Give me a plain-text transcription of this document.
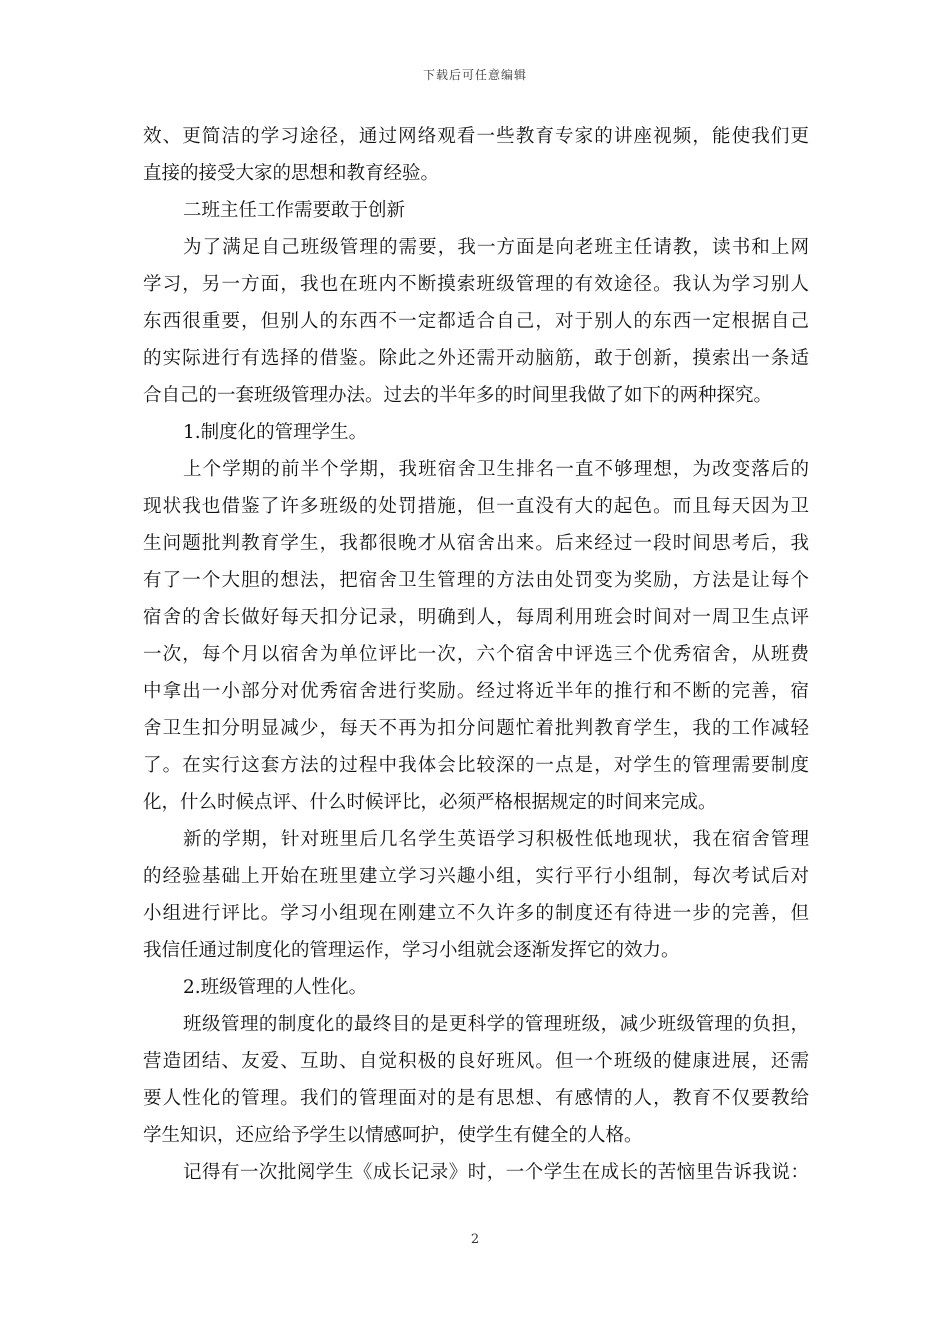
下载后可任意编辑
效、更简洁的学习途径，通过网络观看一些教育专家的讲座视频，能使我们更
直接的接受大家的思想和教育经验。
二班主任工作需要敢于创新
为了满足自己班级管理的需要，我一方面是向老班主任请教，读书和上网
学习，另一方面，我也在班内不断摸索班级管理的有效途径。我认为学习别人
东西很重要，但别人的东西不一定都适合自己，对于别人的东西一定根据自己
的实际进行有选择的借鉴。除此之外还需开动脑筋，敢于创新，摸索出一条适
合自己的一套班级管理办法。过去的半年多的时间里我做了如下的两种探究。
1.制度化的管理学生。
上个学期的前半个学期，我班宿舍卫生排名一直不够理想，为改变落后的
现状我也借鉴了许多班级的处罚措施，但一直没有大的起色。而且每天因为卫
生问题批判教育学生，我都很晚才从宿舍出来。后来经过一段时间思考后，我
有了一个大胆的想法，把宿舍卫生管理的方法由处罚变为奖励，方法是让每个
宿舍的舍长做好每天扣分记录，明确到人，每周利用班会时间对一周卫生点评
一次，每个月以宿舍为单位评比一次，六个宿舍中评选三个优秀宿舍，从班费
中拿出一小部分对优秀宿舍进行奖励。经过将近半年的推行和不断的完善，宿
舍卫生扣分明显减少，每天不再为扣分问题忙着批判教育学生，我的工作减轻
了。在实行这套方法的过程中我体会比较深的一点是，对学生的管理需要制度
化，什么时候点评、什么时候评比，必须严格根据规定的时间来完成。
新的学期，针对班里后几名学生英语学习积极性低地现状，我在宿舍管理
的经验基础上开始在班里建立学习兴趣小组，实行平行小组制，每次考试后对
小组进行评比。学习小组现在刚建立不久许多的制度还有待进一步的完善，但
我信任通过制度化的管理运作，学习小组就会逐渐发挥它的效力。
2.班级管理的人性化。
班级管理的制度化的最终目的是更科学的管理班级，减少班级管理的负担，
营造团结、友爱、互助、自觉积极的良好班风。但一个班级的健康进展，还需
要人性化的管理。我们的管理面对的是有思想、有感情的人，教育不仅要教给
学生知识，还应给予学生以情感呵护，使学生有健全的人格。
记得有一次批阅学生《成长记录》时，一个学生在成长的苦恼里告诉我说：
2
